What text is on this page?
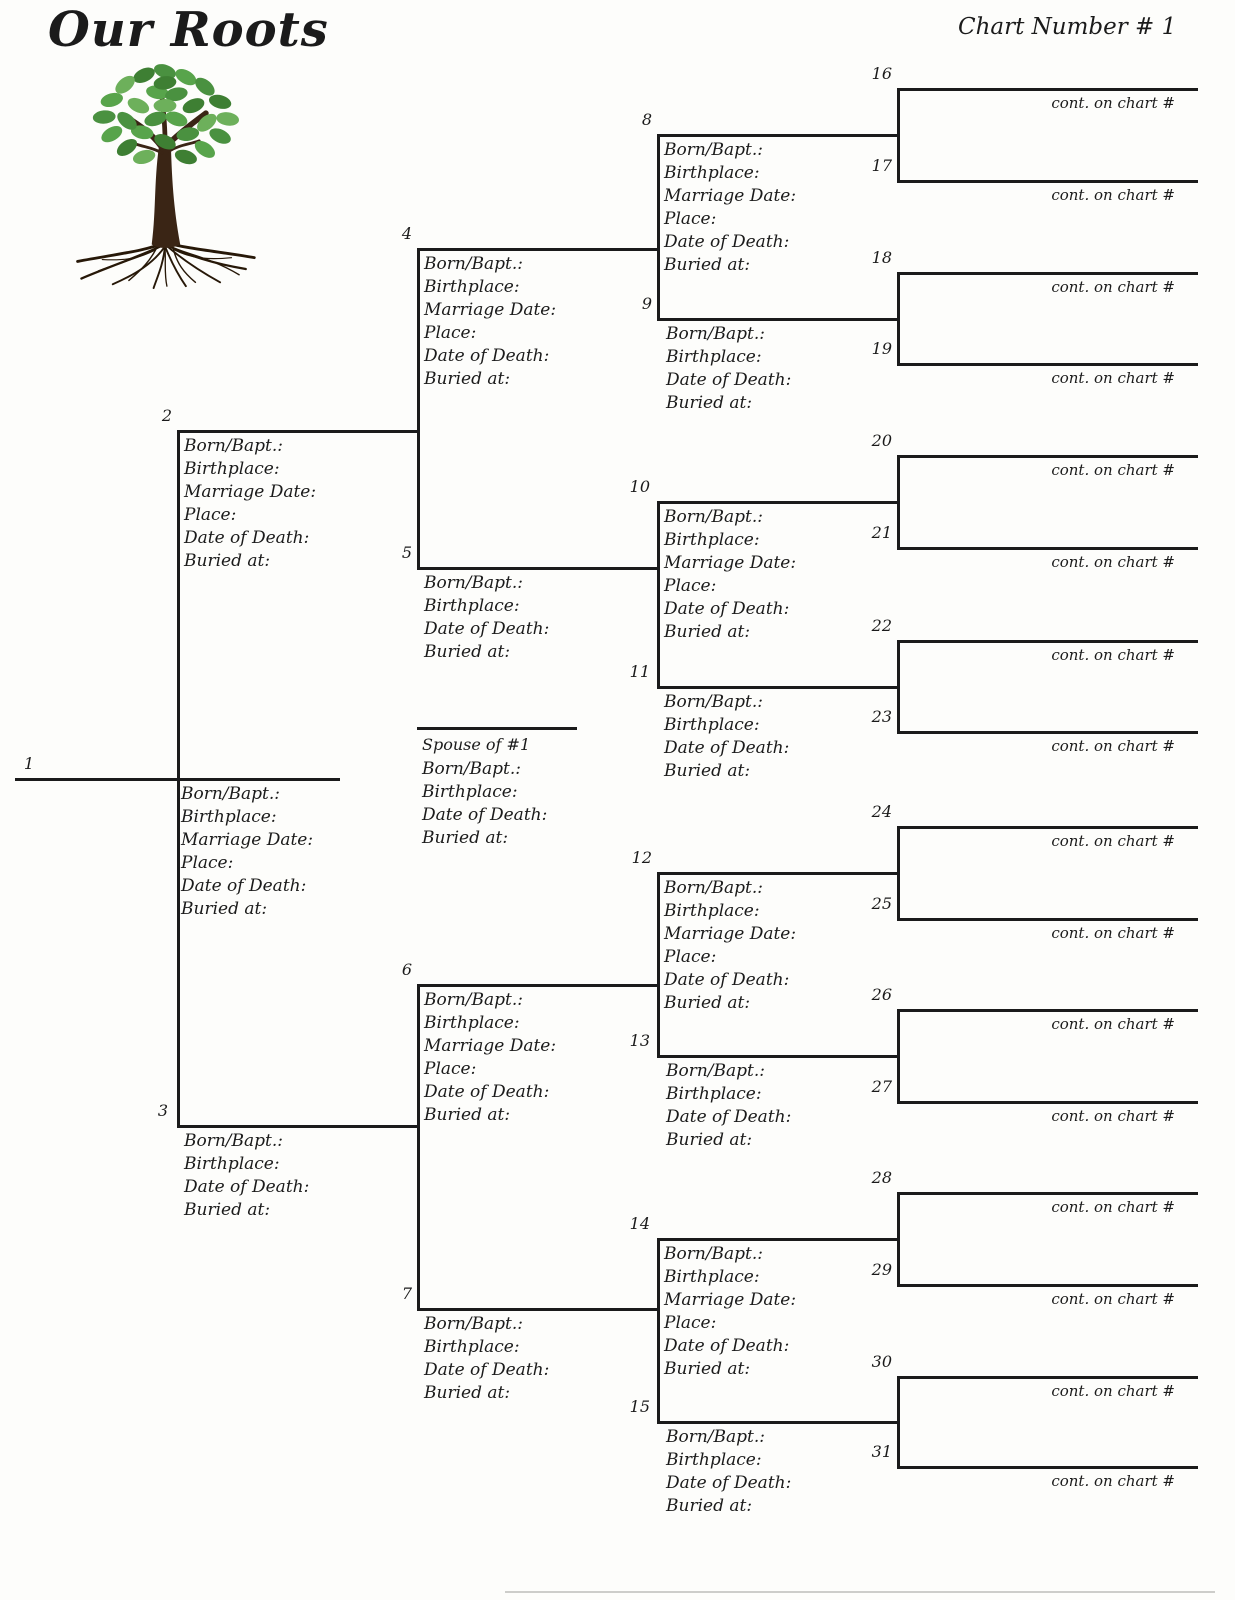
Our Roots	Chart Number # 1
1
Born/Bapt.:
Birthplace:
Marriage Date:
Place:
Date of Death:
Buried at:
2
Born/Bapt.:
Birthplace:
Marriage Date:
Place:
Date of Death:
Buried at:
3
Born/Bapt.:
Birthplace:
Date of Death:
Buried at:
4
Born/Bapt.:
Birthplace:
Marriage Date:
Place:
Date of Death:
Buried at:
5
Born/Bapt.:
Birthplace:
Date of Death:
Buried at:
6
Born/Bapt.:
Birthplace:
Marriage Date:
Place:
Date of Death:
Buried at:
7
Born/Bapt.:
Birthplace:
Date of Death:
Buried at:
8
Born/Bapt.:
Birthplace:
Marriage Date:
Place:
Date of Death:
Buried at:
9
Born/Bapt.:
Birthplace:
Date of Death:
Buried at:
10
Born/Bapt.:
Birthplace:
Marriage Date:
Place:
Date of Death:
Buried at:
11
Born/Bapt.:
Birthplace:
Date of Death:
Buried at:
12
Born/Bapt.:
Birthplace:
Marriage Date:
Place:
Date of Death:
Buried at:
13
Born/Bapt.:
Birthplace:
Date of Death:
Buried at:
14
Born/Bapt.:
Birthplace:
Marriage Date:
Place:
Date of Death:
Buried at:
15
Born/Bapt.:
Birthplace:
Date of Death:
Buried at:
16
cont. on chart #
17
cont. on chart #
18
cont. on chart #
19
cont. on chart #
20
cont. on chart #
21
cont. on chart #
22
cont. on chart #
23
cont. on chart #
24
cont. on chart #
25
cont. on chart #
26
cont. on chart #
27
cont. on chart #
28
cont. on chart #
29
cont. on chart #
30
cont. on chart #
31
cont. on chart #
Spouse of #1
Born/Bapt.:
Birthplace:
Date of Death:
Buried at:
